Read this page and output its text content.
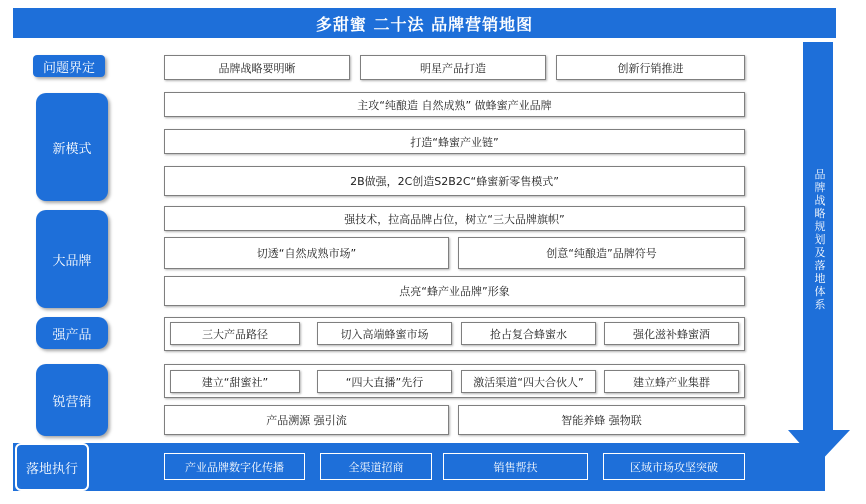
多甜蜜 二十法 品牌营销地图
品牌战略规划及落地体系
问题界定
新模式
大品牌
强产品
锐营销
品牌战略要明晰	明星产品打造	创新行销推进
主攻“纯酿造 自然成熟” 做蜂蜜产业品牌
打造“蜂蜜产业链”
2B做强，2C创造S2B2C“蜂蜜新零售模式”
强技术，拉高品牌占位，树立“三大品牌旗帜”
切透“自然成熟市场”	创意“纯酿造”品牌符号
点亮“蜂产业品牌”形象
三大产品路径	切入高端蜂蜜市场	抢占复合蜂蜜水	强化滋补蜂蜜酒
建立“甜蜜社”	“四大直播”先行	激活渠道“四大合伙人”	建立蜂产业集群
产品溯源 强引流	智能养蜂 强物联
落地执行	产业品牌数字化传播	全渠道招商	销售帮扶	区域市场攻坚突破
